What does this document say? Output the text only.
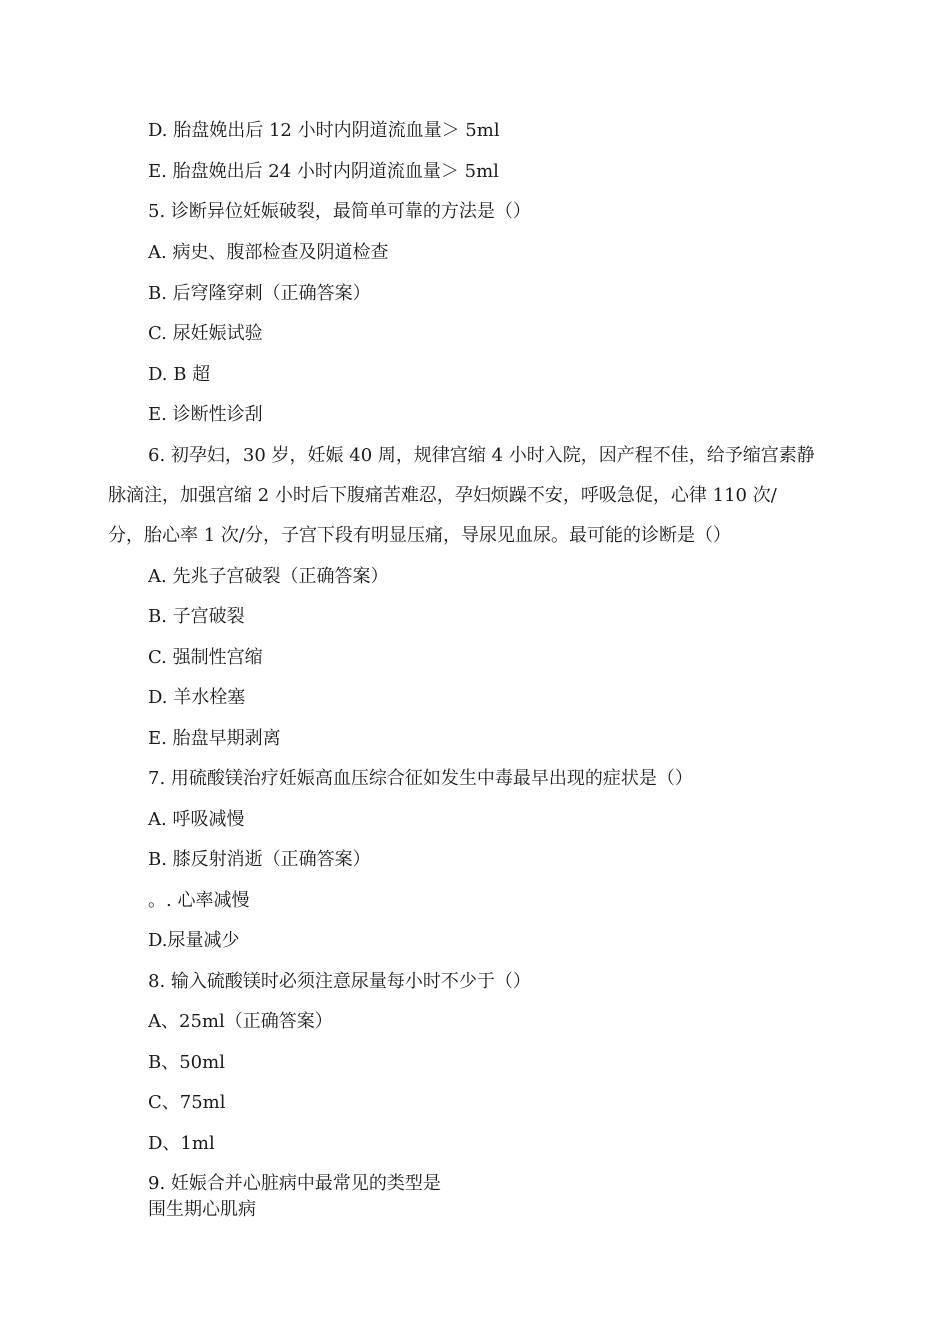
D. 胎盘娩出后 12 小时内阴道流血量＞ 5ml
E. 胎盘娩出后 24 小时内阴道流血量＞ 5ml
5. 诊断异位妊娠破裂，最简单可靠的方法是（）
A. 病史、腹部检查及阴道检查
B. 后穹隆穿刺（正确答案）
C. 尿妊娠试验
D. B 超
E. 诊断性诊刮
6. 初孕妇，30 岁，妊娠 40 周，规律宫缩 4 小时入院，因产程不佳，给予缩宫素静
脉滴注，加强宫缩 2 小时后下腹痛苦难忍，孕妇烦躁不安，呼吸急促，心律 110 次/
分，胎心率 1 次/分，子宫下段有明显压痛，导尿见血尿。最可能的诊断是（）
A. 先兆子宫破裂（正确答案）
B. 子宫破裂
C. 强制性宫缩
D. 羊水栓塞
E. 胎盘早期剥离
7. 用硫酸镁治疗妊娠高血压综合征如发生中毒最早出现的症状是（）
A. 呼吸减慢
B. 膝反射消逝（正确答案）
。. 心率减慢
D.尿量减少
8. 输入硫酸镁时必须注意尿量每小时不少于（）
A、25ml（正确答案）
B、50ml
C、75ml
D、1ml
9. 妊娠合并心脏病中最常见的类型是
围生期心肌病
